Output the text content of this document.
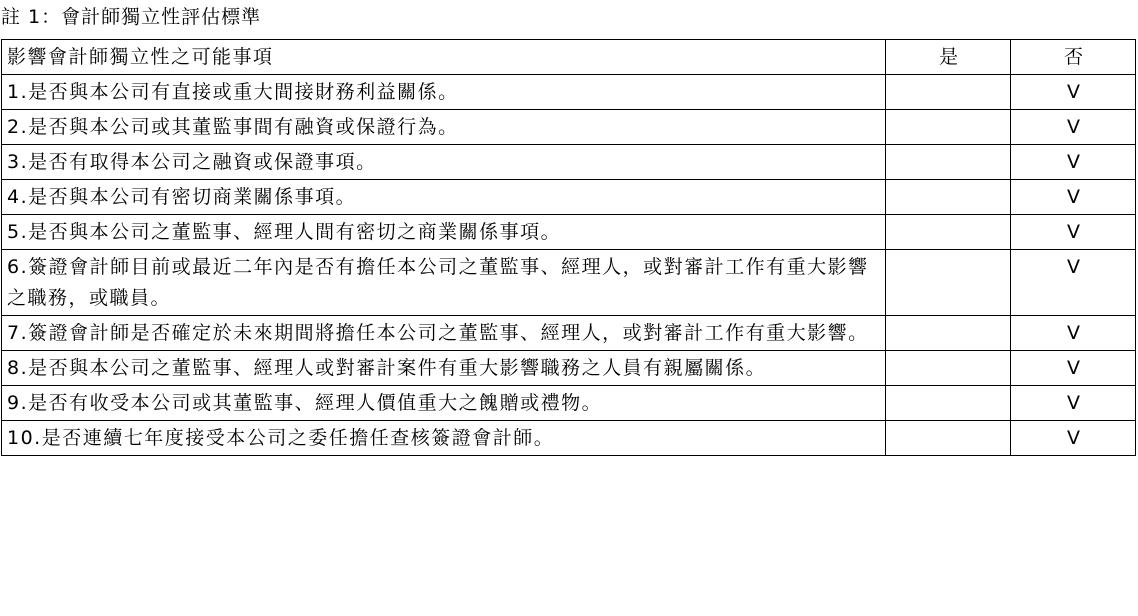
註 1：會計師獨立性評估標準
影響會計師獨立性之可能事項	是	否
1.是否與本公司有直接或重大間接財務利益關係。		V
2.是否與本公司或其董監事間有融資或保證行為。		V
3.是否有取得本公司之融資或保證事項。		V
4.是否與本公司有密切商業關係事項。		V
5.是否與本公司之董監事、經理人間有密切之商業關係事項。		V
6.簽證會計師目前或最近二年內是否有擔任本公司之董監事、經理人，或對審計工作有重大影響之職務，或職員。		V
7.簽證會計師是否確定於未來期間將擔任本公司之董監事、經理人，或對審計工作有重大影響。		V
8.是否與本公司之董監事、經理人或對審計案件有重大影響職務之人員有親屬關係。		V
9.是否有收受本公司或其董監事、經理人價值重大之餽贈或禮物。		V
10.是否連續七年度接受本公司之委任擔任查核簽證會計師。		V
